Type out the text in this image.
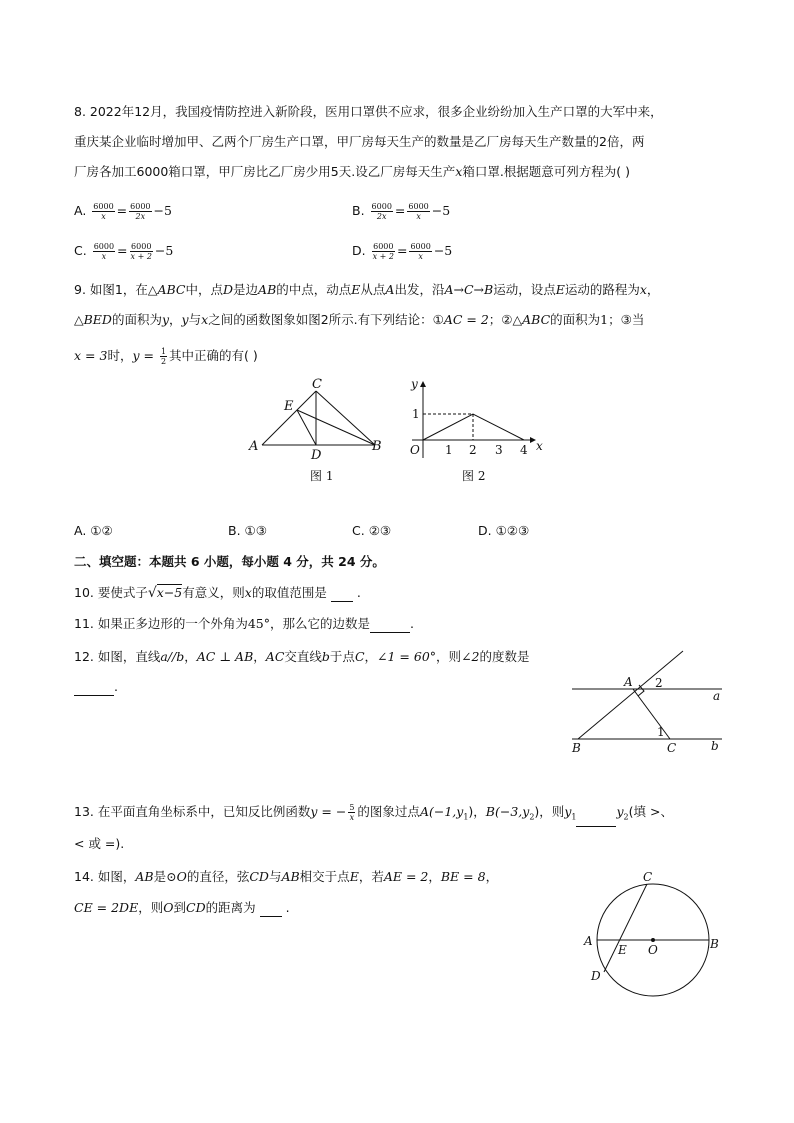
8. 2022年12月，我国疫情防控进入新阶段，医用口罩供不应求，很多企业纷纷加入生产口罩的大军中来，
重庆某企业临时增加甲、乙两个厂房生产口罩，甲厂房每天生产的数量是乙厂房每天生产数量的2倍，两
厂房各加工6000箱口罩，甲厂房比乙厂房少用5天.设乙厂房每天生产x箱口罩.根据题意可列方程为( )
A. $\frac{6000}{x} = \frac{6000}{2x} -5$	B. $\frac{6000}{2x} = \frac{6000}{x} -5$
C. $\frac{6000}{x} = \frac{6000}{x + 2} -5$	D. $\frac{6000}{x + 2} = \frac{6000}{x} -5$
9. 如图1，在△ABC中，点D是边AB的中点，动点E从点A出发，沿A→C→B运动，设点E运动的路程为x，
△BED的面积为y，y与x之间的函数图象如图2所示.有下列结论：①AC = 2；②△ABC的面积为1；③当
x = 3时，$y = \frac{1}{2}$ 其中正确的有( )
A	B
C
D
E
图 1
y
x
O 1 2 3 4
1
图 2
A. ①②	B. ①③	C. ②③	D. ①②③
二、填空题：本题共 6 小题，每小题 4 分，共 24 分。
10. 要使式子√x−5有意义，则x的取值范围是  .
11. 如果正多边形的一个外角为45°，那么它的边数是	.
12. 如图，直线a//b，AC ⊥ AB，AC交直线b于点C，∠1 = 60°，则∠2的度数是
.	A
B	C
a
b
1
2
13. 在平面直角坐标系中，已知反比例函数y = − $\frac{5}{x}$ 的图象过点$A(-1,y_1)$，$B(-3,y_2)$，则$y_1$	$y_2$(填 >、
< 或 =).
14. 如图，AB是⊙O的直径，弦CD与AB相交于点E，若AE = 2，BE = 8，
CE = 2DE，则O到CD的距离为  .
A	B
C
D
E O
